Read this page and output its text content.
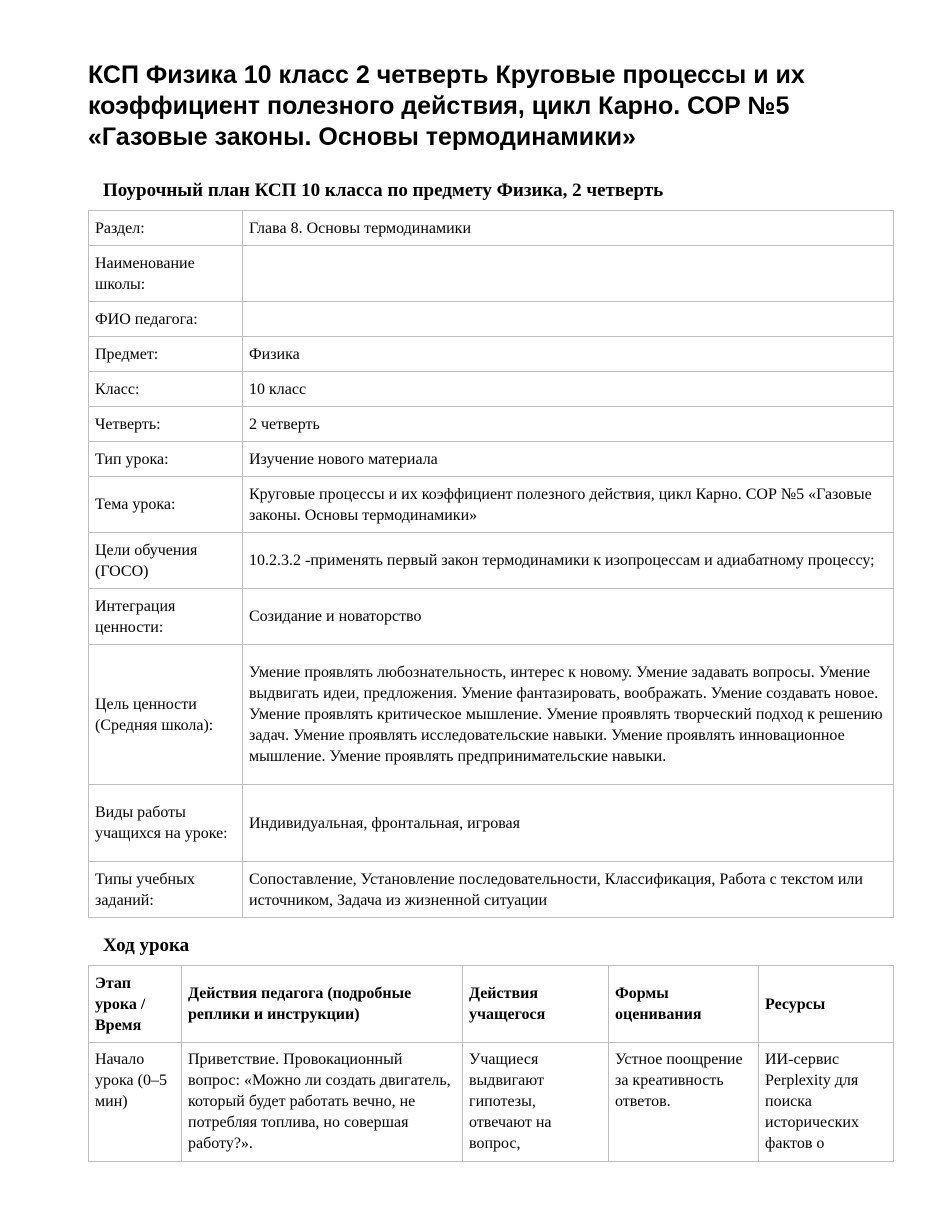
КСП Физика 10 класс 2 четверть Круговые процессы и их коэффициент полезного действия, цикл Карно. СОР №5 «Газовые законы. Основы термодинамики»
Поурочный план КСП 10 класса по предмету Физика, 2 четверть
Раздел:	Глава 8. Основы термодинамики
Наименование школы:	
ФИО педагога:	
Предмет:	Физика
Класс:	10 класс
Четверть:	2 четверть
Тип урока:	Изучение нового материала
Тема урока:	Круговые процессы и их коэффициент полезного действия, цикл Карно. СОР №5 «Газовые законы. Основы термодинамики»
Цели обучения (ГОСО)	10.2.3.2 -применять первый закон термодинамики к изопроцессам и адиабатному процессу;
Интеграция ценности:	Созидание и новаторство
Цель ценности (Средняя школа):	Умение проявлять любознательность, интерес к новому. Умение задавать вопросы. Умение выдвигать идеи, предложения. Умение фантазировать, воображать. Умение создавать новое. Умение проявлять критическое мышление. Умение проявлять творческий подход к решению задач. Умение проявлять исследовательские навыки. Умение проявлять инновационное мышление. Умение проявлять предпринимательские навыки.
Виды работы учащихся на уроке:	Индивидуальная, фронтальная, игровая
Типы учебных заданий:	Сопоставление, Установление последовательности, Классификация, Работа с текстом или источником, Задача из жизненной ситуации
Ход урока
Этап урока / Время	Действия педагога (подробные реплики и инструкции)	Действия учащегося	Формы оценивания	Ресурсы
Начало урока (0–5 мин)	Приветствие. Провокационный вопрос: «Можно ли создать двигатель, который будет работать вечно, не потребляя топлива, но совершая работу?».	Учащиеся выдвигают гипотезы, отвечают на вопрос,	Устное поощрение за креативность ответов.	ИИ-сервис Perplexity для поиска исторических фактов о
